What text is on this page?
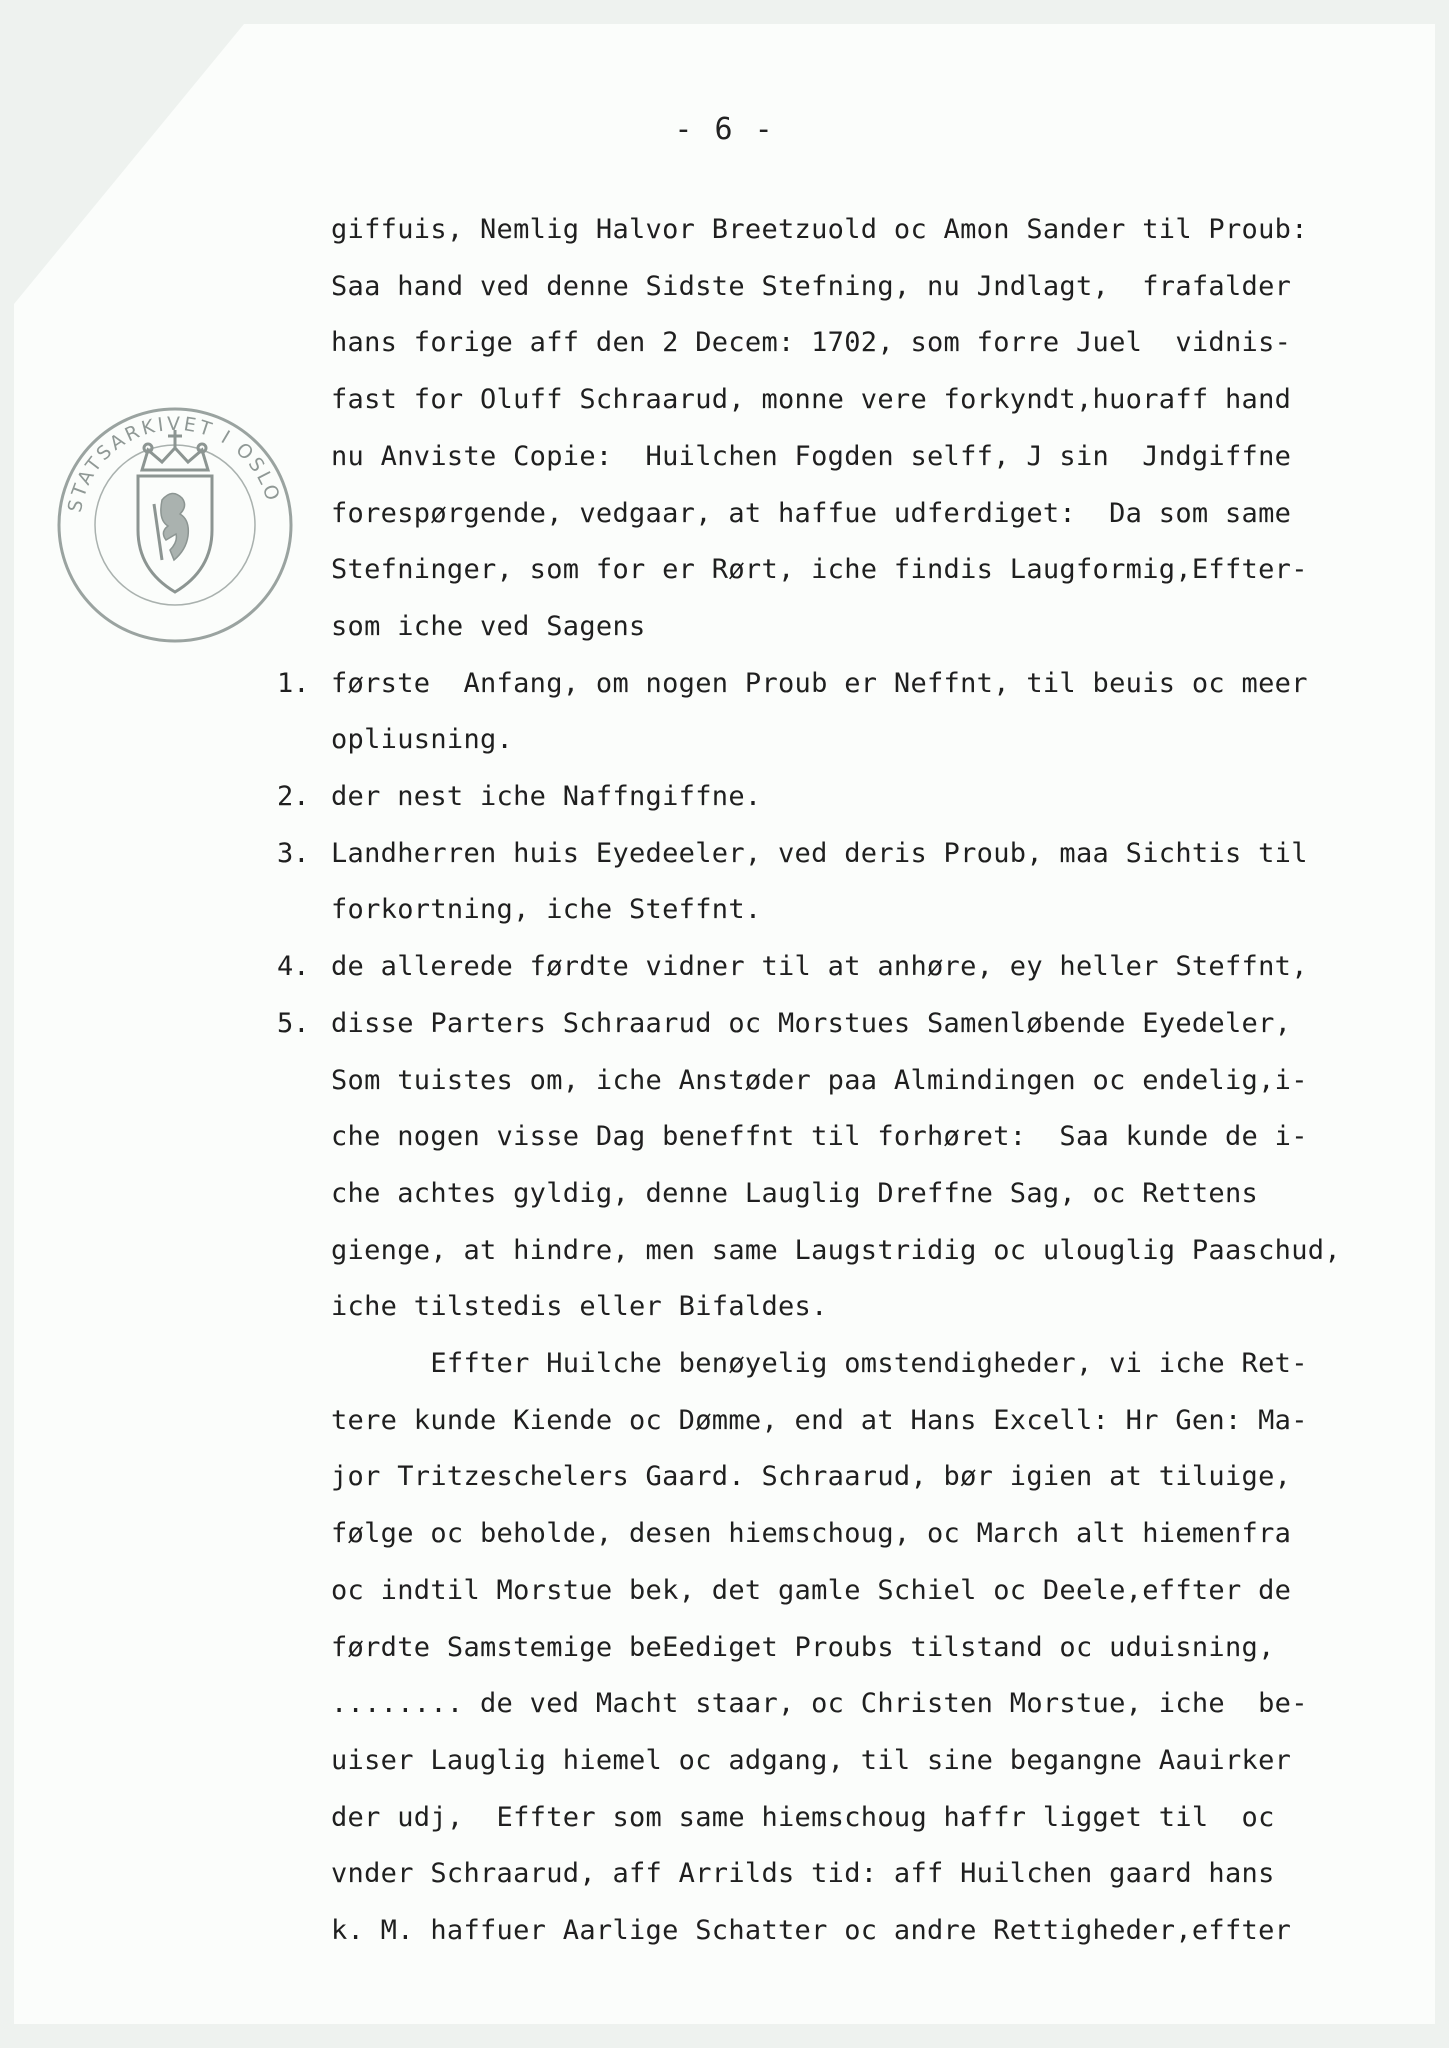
- 6 -
STATSARKIVET I OSLO
giffuis, Nemlig Halvor Breetzuold oc Amon Sander til Proub:
Saa hand ved denne Sidste Stefning, nu Jndlagt,  frafalder
hans forige aff den 2 Decem: 1702, som forre Juel  vidnis-
fast for Oluff Schraarud, monne vere forkyndt,huoraff hand
nu Anviste Copie:  Huilchen Fogden selff, J sin  Jndgiffne
forespørgende, vedgaar, at haffue udferdiget:  Da som same
Stefninger, som for er Rørt, iche findis Laugformig,Effter-
som iche ved Sagens
1. første  Anfang, om nogen Proub er Neffnt, til beuis oc meer
opliusning.
2. der nest iche Naffngiffne.
3. Landherren huis Eyedeeler, ved deris Proub, maa Sichtis til
forkortning, iche Steffnt.
4. de allerede førdte vidner til at anhøre, ey heller Steffnt,
5. disse Parters Schraarud oc Morstues Samenløbende Eyedeler,
Som tuistes om, iche Anstøder paa Almindingen oc endelig,i-
che nogen visse Dag beneffnt til forhøret:  Saa kunde de i-
che achtes gyldig, denne Lauglig Dreffne Sag, oc Rettens
gienge, at hindre, men same Laugstridig oc ulouglig Paaschud,
iche tilstedis eller Bifaldes.
Effter Huilche benøyelig omstendigheder, vi iche Ret-
tere kunde Kiende oc Dømme, end at Hans Excell: Hr Gen: Ma-
jor Tritzeschelers Gaard. Schraarud, bør igien at tiluige,
følge oc beholde, desen hiemschoug, oc March alt hiemenfra
oc indtil Morstue bek, det gamle Schiel oc Deele,effter de
førdte Samstemige beEediget Proubs tilstand oc uduisning,
........ de ved Macht staar, oc Christen Morstue, iche  be-
uiser Lauglig hiemel oc adgang, til sine begangne Aauirker
der udj,  Effter som same hiemschoug haffr ligget til  oc
vnder Schraarud, aff Arrilds tid: aff Huilchen gaard hans
k. M. haffuer Aarlige Schatter oc andre Rettigheder,effter
